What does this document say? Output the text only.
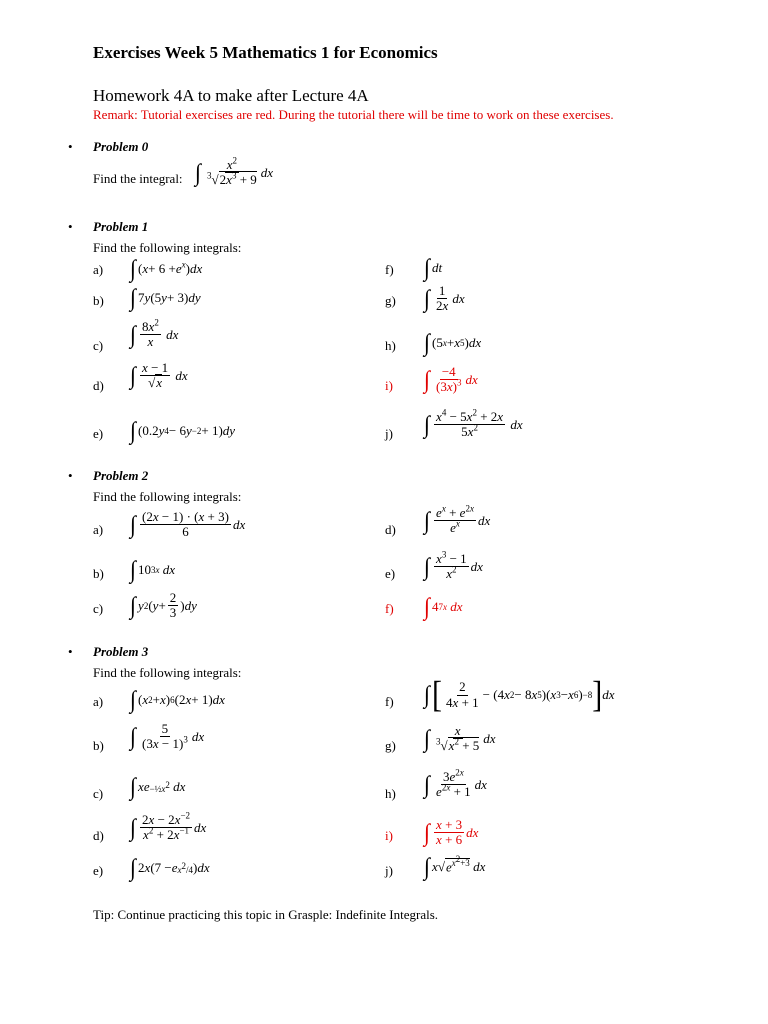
Exercises Week 5 Mathematics 1 for Economics
Homework 4A to make after Lecture 4A
Remark: Tutorial exercises are red. During the tutorial there will be time to work on these exercises.
• Problem 0
Find the integral: ∫ $\frac{x^2}{^3√2x^3 + 9}$ dx
• Problem 1
Find the following integrals:
a) ∫ ( $x + 6 + e^x$ ) dx
b) ∫ 7 y (5 y + 3) dy
c) ∫ $\frac{8x^2}{x}$
dx
d) ∫ $\frac{x - 1}{√x}$
dx
e) ∫ (0.2 y 4 − 6 y −2 + 1) dy
f) ∫ dt
g) ∫ $\frac{1}{2x}$ dx
h) ∫ (5 x + x 5 ) dx
i) ∫ $\frac{-4}{(3x)^3}$ dx
j) ∫ $\frac{x^4 - 5x^2 + 2x}{5x^2}$
dx
• Problem 2
Find the following integrals:
a) ∫ $\frac{(2x - 1) \cdot (x + 3)}{6}$ dx
b) ∫ 10 3x
dx
c) ∫ y 2 ( $y + \frac{2}{3}$ ) dy
d) ∫ $\frac{e^x + e^{2x}}{e^x}$ dx
e) ∫ $\frac{x^3 - 1}{x^2}$ dx
f) ∫ 4 7x
dx
• Problem 3
Find the following integrals:
a) ∫ ( x 2 + x ) 6 (2 x + 1) dx
b) ∫ $\frac{5}{(3x - 1)^3}$ dx
c) ∫ x $e -\frac{1}{2}x^2$
dx
d) ∫ $\frac{2x - 2x^{-2}}{x^2 + 2x^{-1}}$ dx
e) ∫ 2 x (7 − e $x^2/4$ ) dx
f) ∫ [ $\frac{2}{4x + 1} - (4$ x 2 − 8 x 5 )( x 3 − x 6 ) −8 ] dx
g) ∫ $\frac{x}{^3√x^2 + 5}$ dx
h) ∫ $\frac{3e^{2x}}{e^{2x} + 1}$ dx
i) ∫ $\frac{x + 3}{x + 6}$ dx
j) ∫ x √ $e^{x^2+3}$
dx
Tip: Continue practicing this topic in Grasple: Indefinite Integrals.
